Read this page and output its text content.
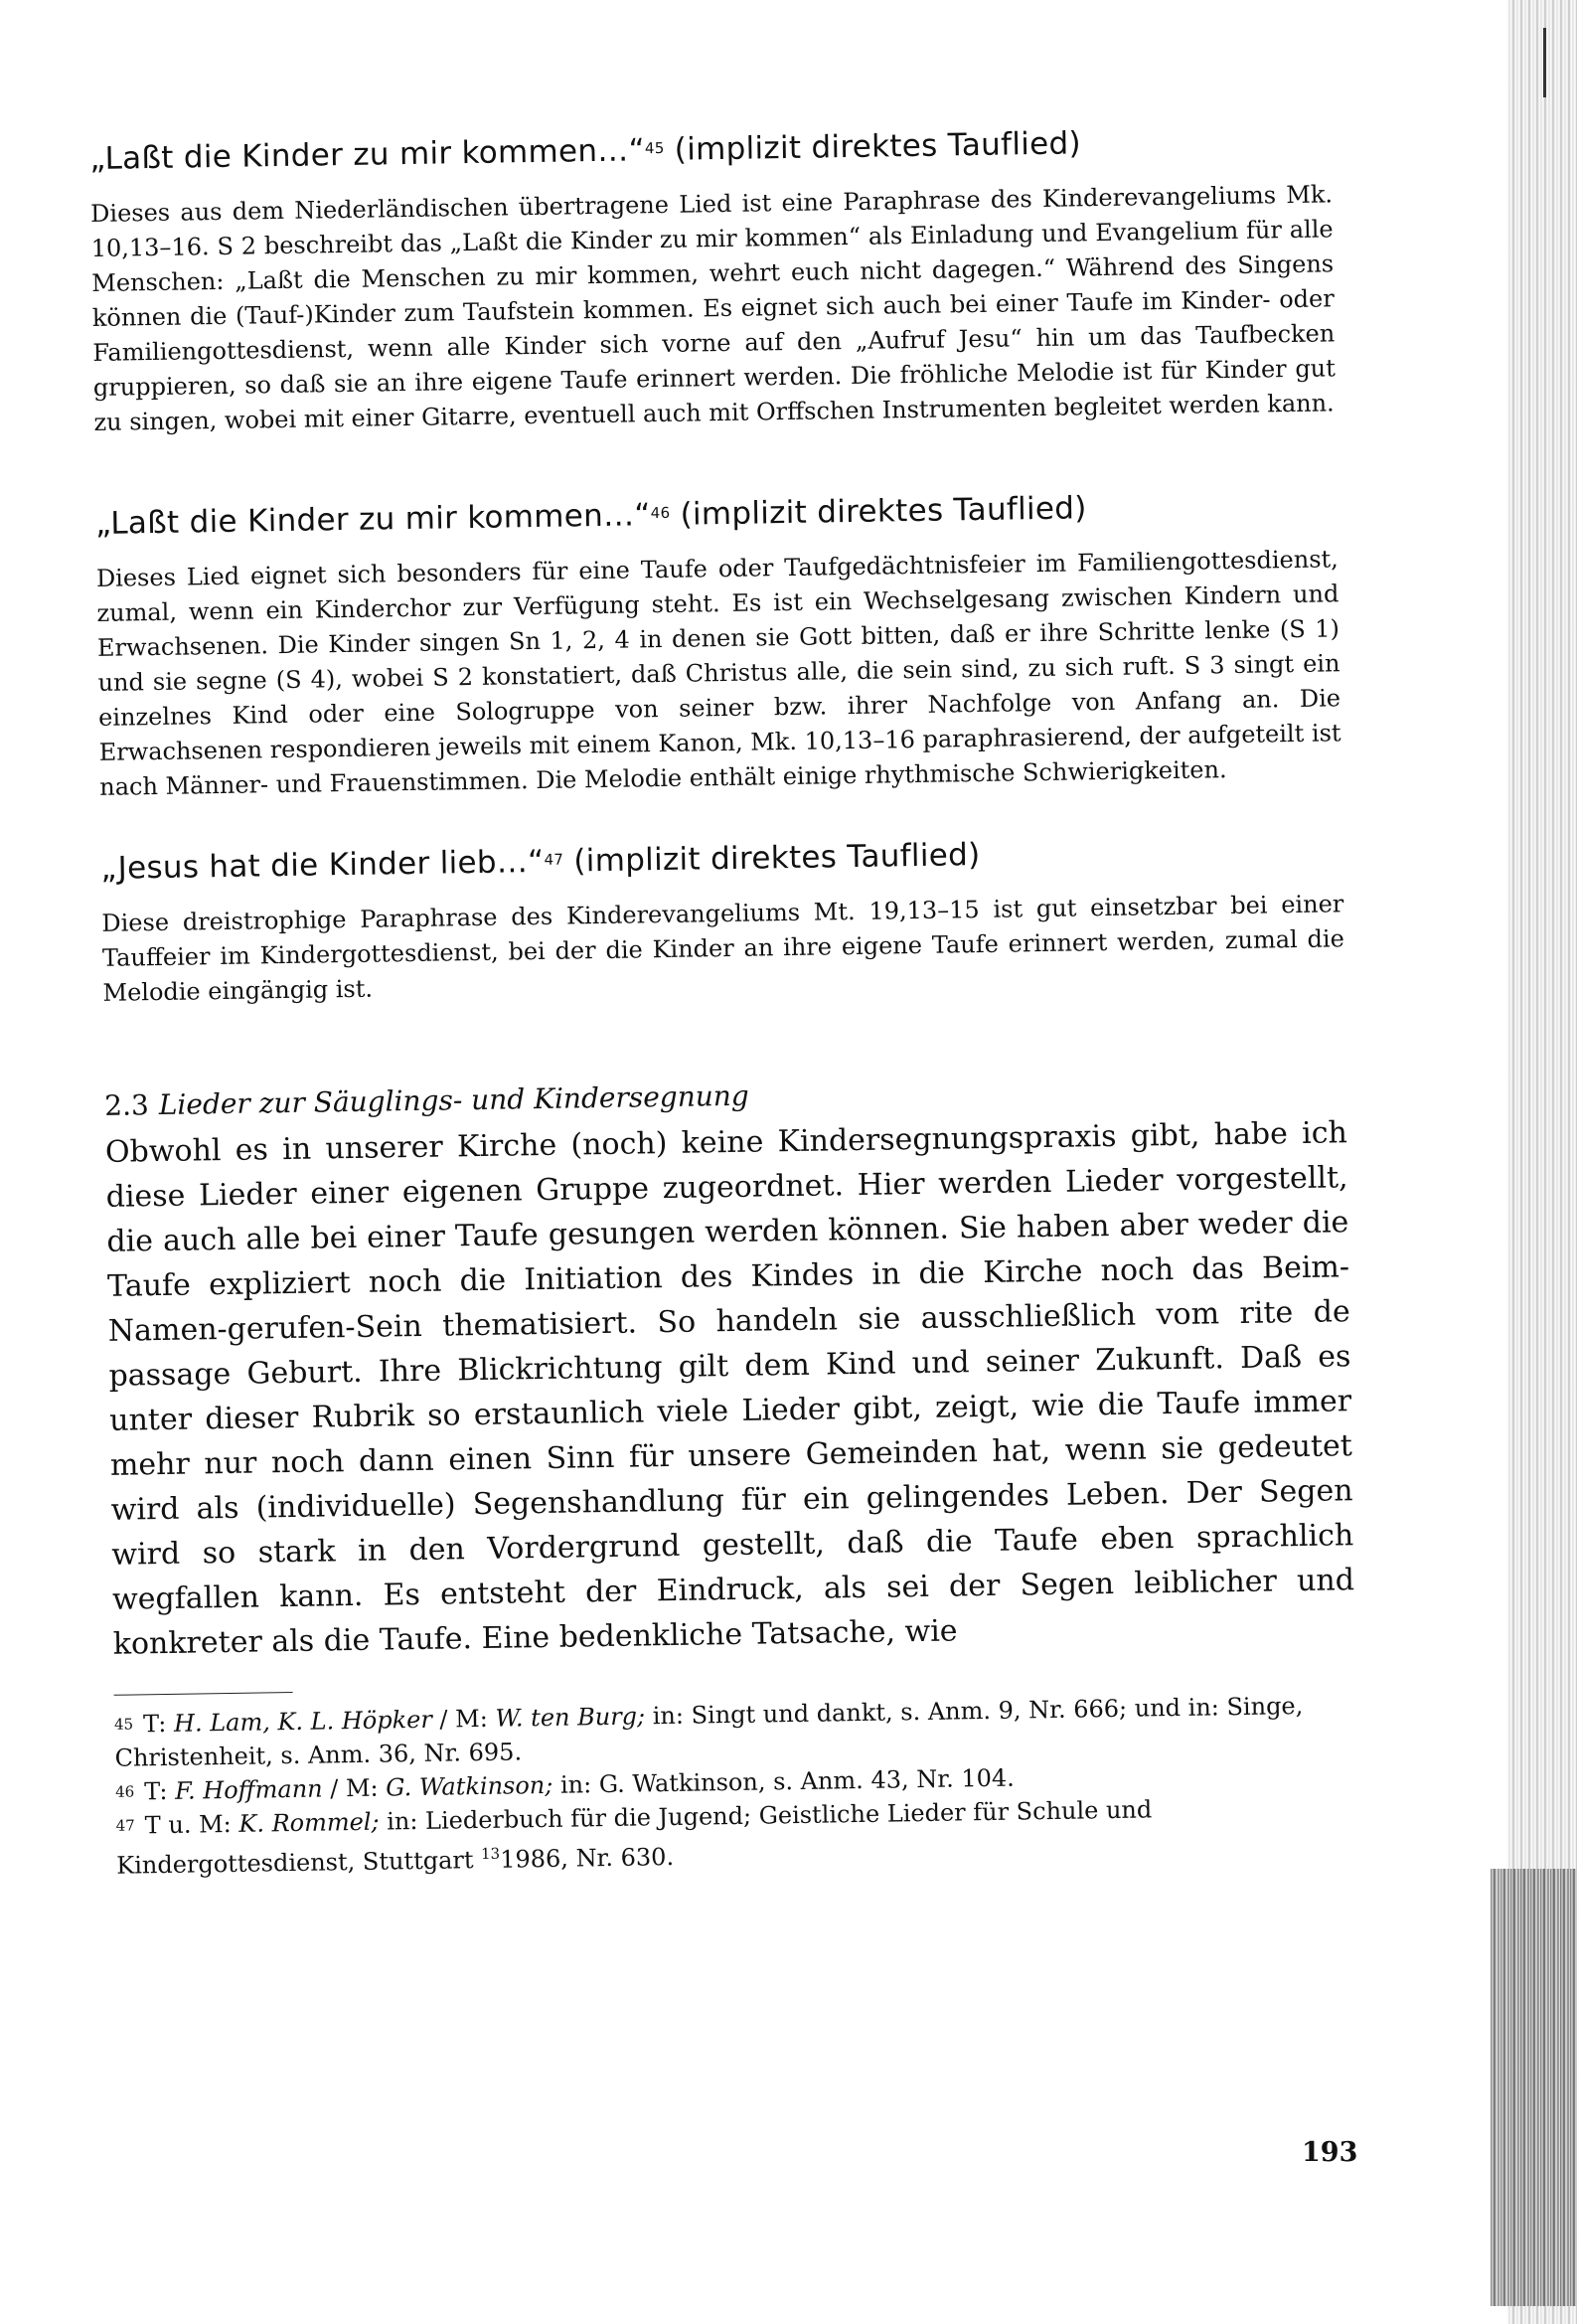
„Laßt die Kinder zu mir kommen…“$^{45}$ (implizit direktes Tauflied)

Dieses aus dem Niederländischen übertragene Lied ist eine Paraphrase des Kinderevangeliums Mk. 10,13–16. S 2 beschreibt das „Laßt die Kinder zu mir kommen“ als Einladung und Evangelium für alle Menschen: „Laßt die Menschen zu mir kommen, wehrt euch nicht dagegen.“ Während des Singens können die (Tauf-)Kinder zum Taufstein kommen. Es eignet sich auch bei einer Taufe im Kinder- oder Familiengottesdienst, wenn alle Kinder sich vorne auf den „Aufruf Jesu“ hin um das Taufbecken gruppieren, so daß sie an ihre eigene Taufe erinnert werden. Die fröhliche Melodie ist für Kinder gut zu singen, wobei mit einer Gitarre, eventuell auch mit Orffschen Instrumenten begleitet werden kann.

„Laßt die Kinder zu mir kommen…“$^{46}$ (implizit direktes Tauflied)

Dieses Lied eignet sich besonders für eine Taufe oder Taufgedächtnisfeier im Familiengottesdienst, zumal, wenn ein Kinderchor zur Verfügung steht. Es ist ein Wechselgesang zwischen Kindern und Erwachsenen. Die Kinder singen Sn 1, 2, 4 in denen sie Gott bitten, daß er ihre Schritte lenke (S 1) und sie segne (S 4), wobei S 2 konstatiert, daß Christus alle, die sein sind, zu sich ruft. S 3 singt ein einzelnes Kind oder eine Sologruppe von seiner bzw. ihrer Nachfolge von Anfang an. Die Erwachsenen respondieren jeweils mit einem Kanon, Mk. 10,13–16 paraphrasierend, der aufgeteilt ist nach Männer- und Frauenstimmen. Die Melodie enthält einige rhythmische Schwierigkeiten.

„Jesus hat die Kinder lieb…“$^{47}$ (implizit direktes Tauflied)

Diese dreistrophige Paraphrase des Kinderevangeliums Mt. 19,13–15 ist gut einsetzbar bei einer Tauffeier im Kindergottesdienst, bei der die Kinder an ihre eigene Taufe erinnert werden, zumal die Melodie eingängig ist.

2.3 Lieder zur Säuglings- und Kindersegnung

Obwohl es in unserer Kirche (noch) keine Kindersegnungspraxis gibt, habe ich diese Lieder einer eigenen Gruppe zugeordnet. Hier werden Lieder vorgestellt, die auch alle bei einer Taufe gesungen werden können. Sie haben aber weder die Taufe expliziert noch die Initiation des Kindes in die Kirche noch das Beim-Namen-gerufen-Sein thematisiert. So handeln sie ausschließlich vom rite de passage Geburt. Ihre Blickrichtung gilt dem Kind und seiner Zukunft. Daß es unter dieser Rubrik so erstaunlich viele Lieder gibt, zeigt, wie die Taufe immer mehr nur noch dann einen Sinn für unsere Gemeinden hat, wenn sie gedeutet wird als (individuelle) Segenshandlung für ein gelingendes Leben. Der Segen wird so stark in den Vordergrund gestellt, daß die Taufe eben sprachlich wegfallen kann. Es entsteht der Eindruck, als sei der Segen leiblicher und konkreter als die Taufe. Eine bedenkliche Tatsache, wie

$^{45}$ T: H. Lam, K. L. Höpker / M: W. ten Burg; in: Singt und dankt, s. Anm. 9, Nr. 666; und in: Singe, Christenheit, s. Anm. 36, Nr. 695.

$^{46}$ T: F. Hoffmann / M: G. Watkinson; in: G. Watkinson, s. Anm. 43, Nr. 104.

$^{47}$ T u. M: K. Rommel; in: Liederbuch für die Jugend; Geistliche Lieder für Schule und Kindergottesdienst, Stuttgart $^{13}$1986, Nr. 630.

193
